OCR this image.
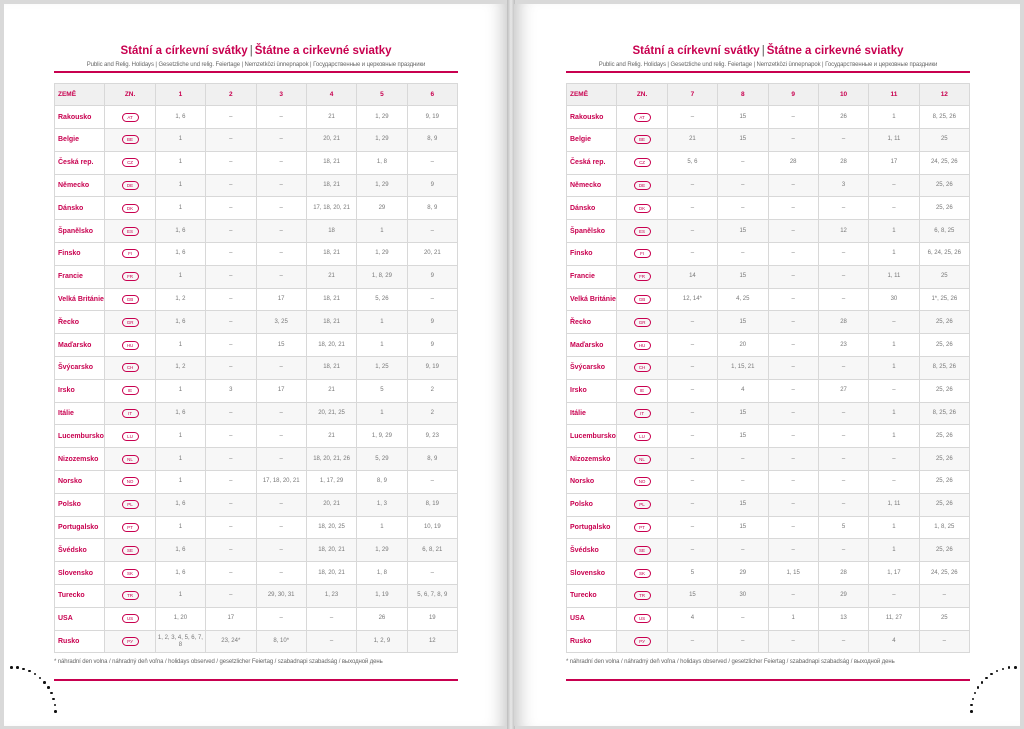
Státní a církevní svátky | Štátne a cirkevné sviatky
Public and Relig. Holidays | Gesetzliche und relig. Feiertage | Nemzetközi ünnepnapok | Государственные и церковные праздники
ZEMĚ	ZN.	1	2	3	4	5	6
Rakousko	AT	1, 6	–	–	21	1, 29	9, 19
Belgie	BE	1	–	–	20, 21	1, 29	8, 9
Česká rep.	CZ	1	–	–	18, 21	1, 8	–
Německo	DE	1	–	–	18, 21	1, 29	9
Dánsko	DK	1	–	–	17, 18, 20, 21	29	8, 9
Španělsko	ES	1, 6	–	–	18	1	–
Finsko	FI	1, 6	–	–	18, 21	1, 29	20, 21
Francie	FR	1	–	–	21	1, 8, 29	9
Velká Británie	GB	1, 2	–	17	18, 21	5, 26	–
Řecko	GR	1, 6	–	3, 25	18, 21	1	9
Maďarsko	HU	1	–	15	18, 20, 21	1	9
Švýcarsko	CH	1, 2	–	–	18, 21	1, 25	9, 19
Irsko	IE	1	3	17	21	5	2
Itálie	IT	1, 6	–	–	20, 21, 25	1	2
Lucembursko	LU	1	–	–	21	1, 9, 29	9, 23
Nizozemsko	NL	1	–	–	18, 20, 21, 26	5, 29	8, 9
Norsko	NO	1	–	17, 18, 20, 21	1, 17, 29	8, 9	–
Polsko	PL	1, 6	–	–	20, 21	1, 3	8, 19
Portugalsko	PT	1	–	–	18, 20, 25	1	10, 19
Švédsko	SE	1, 6	–	–	18, 20, 21	1, 29	6, 8, 21
Slovensko	SK	1, 6	–	–	18, 20, 21	1, 8	–
Turecko	TR	1	–	29, 30, 31	1, 23	1, 19	5, 6, 7, 8, 9
USA	US	1, 20	17	–	–	26	19
Rusko	РУ	1, 2, 3, 4, 5, 6, 7, 8	23, 24*	8, 10*	–	1, 2, 9	12
* náhradní den volna / náhradný deň voľna / holidays observed / gesetzlicher Feiertag / szabadnapi szabadság / выходной день
Státní a církevní svátky | Štátne a cirkevné sviatky
Public and Relig. Holidays | Gesetzliche und relig. Feiertage | Nemzetközi ünnepnapok | Государственные и церковные праздники
ZEMĚ	ZN.	7	8	9	10	11	12
Rakousko	AT	–	15	–	26	1	8, 25, 26
Belgie	BE	21	15	–	–	1, 11	25
Česká rep.	CZ	5, 6	–	28	28	17	24, 25, 26
Německo	DE	–	–	–	3	–	25, 26
Dánsko	DK	–	–	–	–	–	25, 26
Španělsko	ES	–	15	–	12	1	6, 8, 25
Finsko	FI	–	–	–	–	1	6, 24, 25, 26
Francie	FR	14	15	–	–	1, 11	25
Velká Británie	GB	12, 14*	4, 25	–	–	30	1*, 25, 26
Řecko	GR	–	15	–	28	–	25, 26
Maďarsko	HU	–	20	–	23	1	25, 26
Švýcarsko	CH	–	1, 15, 21	–	–	1	8, 25, 26
Irsko	IE	–	4	–	27	–	25, 26
Itálie	IT	–	15	–	–	1	8, 25, 26
Lucembursko	LU	–	15	–	–	1	25, 26
Nizozemsko	NL	–	–	–	–	–	25, 26
Norsko	NO	–	–	–	–	–	25, 26
Polsko	PL	–	15	–	–	1, 11	25, 26
Portugalsko	PT	–	15	–	5	1	1, 8, 25
Švédsko	SE	–	–	–	–	1	25, 26
Slovensko	SK	5	29	1, 15	28	1, 17	24, 25, 26
Turecko	TR	15	30	–	29	–	–
USA	US	4	–	1	13	11, 27	25
Rusko	РУ	–	–	–	–	4	–
* náhradní den volna / náhradný deň voľna / holidays observed / gesetzlicher Feiertag / szabadnapi szabadság / выходной день
